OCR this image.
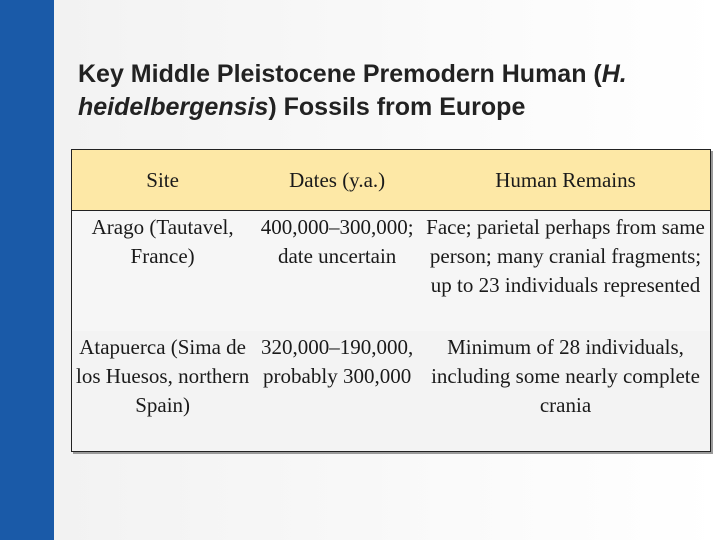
Key Middle Pleistocene Premodern Human (H. heidelbergensis) Fossils from Europe
Site	Dates (y.a.)	Human Remains
Arago (Tautavel, France)	400,000–300,000; date uncertain	Face; parietal perhaps from same person; many cranial fragments; up to 23 individuals represented
Atapuerca (Sima de los Huesos, northern Spain)	320,000–190,000, probably 300,000	Minimum of 28 individuals, including some nearly complete crania
